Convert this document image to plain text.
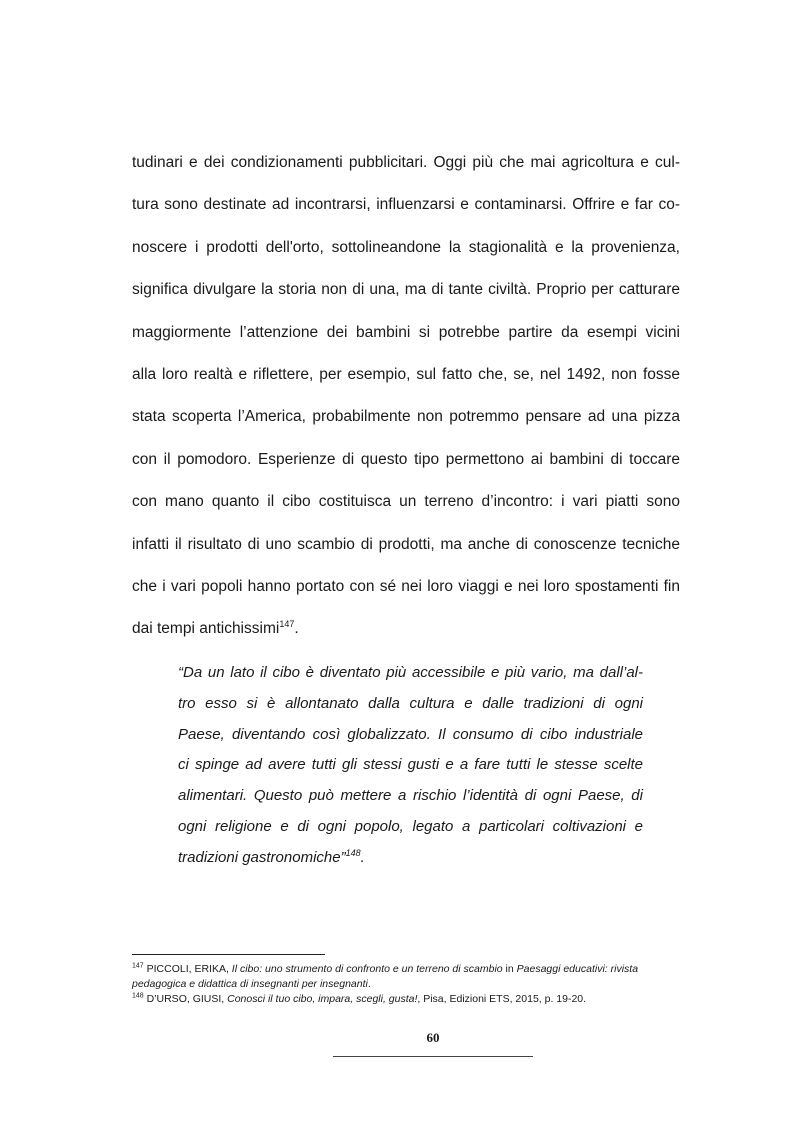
tudinari e dei condizionamenti pubblicitari. Oggi più che mai agricoltura e cul-
tura sono destinate ad incontrarsi, influenzarsi e contaminarsi. Offrire e far co-
noscere i prodotti dell'orto, sottolineandone la stagionalità e la provenienza,
significa divulgare la storia non di una, ma di tante civiltà. Proprio per catturare
maggiormente l’attenzione dei bambini si potrebbe partire da esempi vicini
alla loro realtà e riflettere, per esempio, sul fatto che, se, nel 1492, non fosse
stata scoperta l’America, probabilmente non potremmo pensare ad una pizza
con il pomodoro. Esperienze di questo tipo permettono ai bambini di toccare
con mano quanto il cibo costituisca un terreno d’incontro: i vari piatti sono
infatti il risultato di uno scambio di prodotti, ma anche di conoscenze tecniche
che i vari popoli hanno portato con sé nei loro viaggi e nei loro spostamenti fin
dai tempi antichissimi$^{147}$.
“Da un lato il cibo è diventato più accessibile e più vario, ma dall’al-
tro esso si è allontanato dalla cultura e dalle tradizioni di ogni
Paese, diventando così globalizzato. Il consumo di cibo industriale
ci spinge ad avere tutti gli stessi gusti e a fare tutti le stesse scelte
alimentari. Questo può mettere a rischio l’identità di ogni Paese, di
ogni religione e di ogni popolo, legato a particolari coltivazioni e
tradizioni gastronomiche”$^{148}$.
$^{147}$ PICCOLI, ERIKA, Il cibo: uno strumento di confronto e un terreno di scambio in Paesaggi educativi: rivista pedagogica e didattica di insegnanti per insegnanti.
$^{148}$ D’URSO, GIUSI, Conosci il tuo cibo, impara, scegli, gusta!, Pisa, Edizioni ETS, 2015, p. 19-20.
60
